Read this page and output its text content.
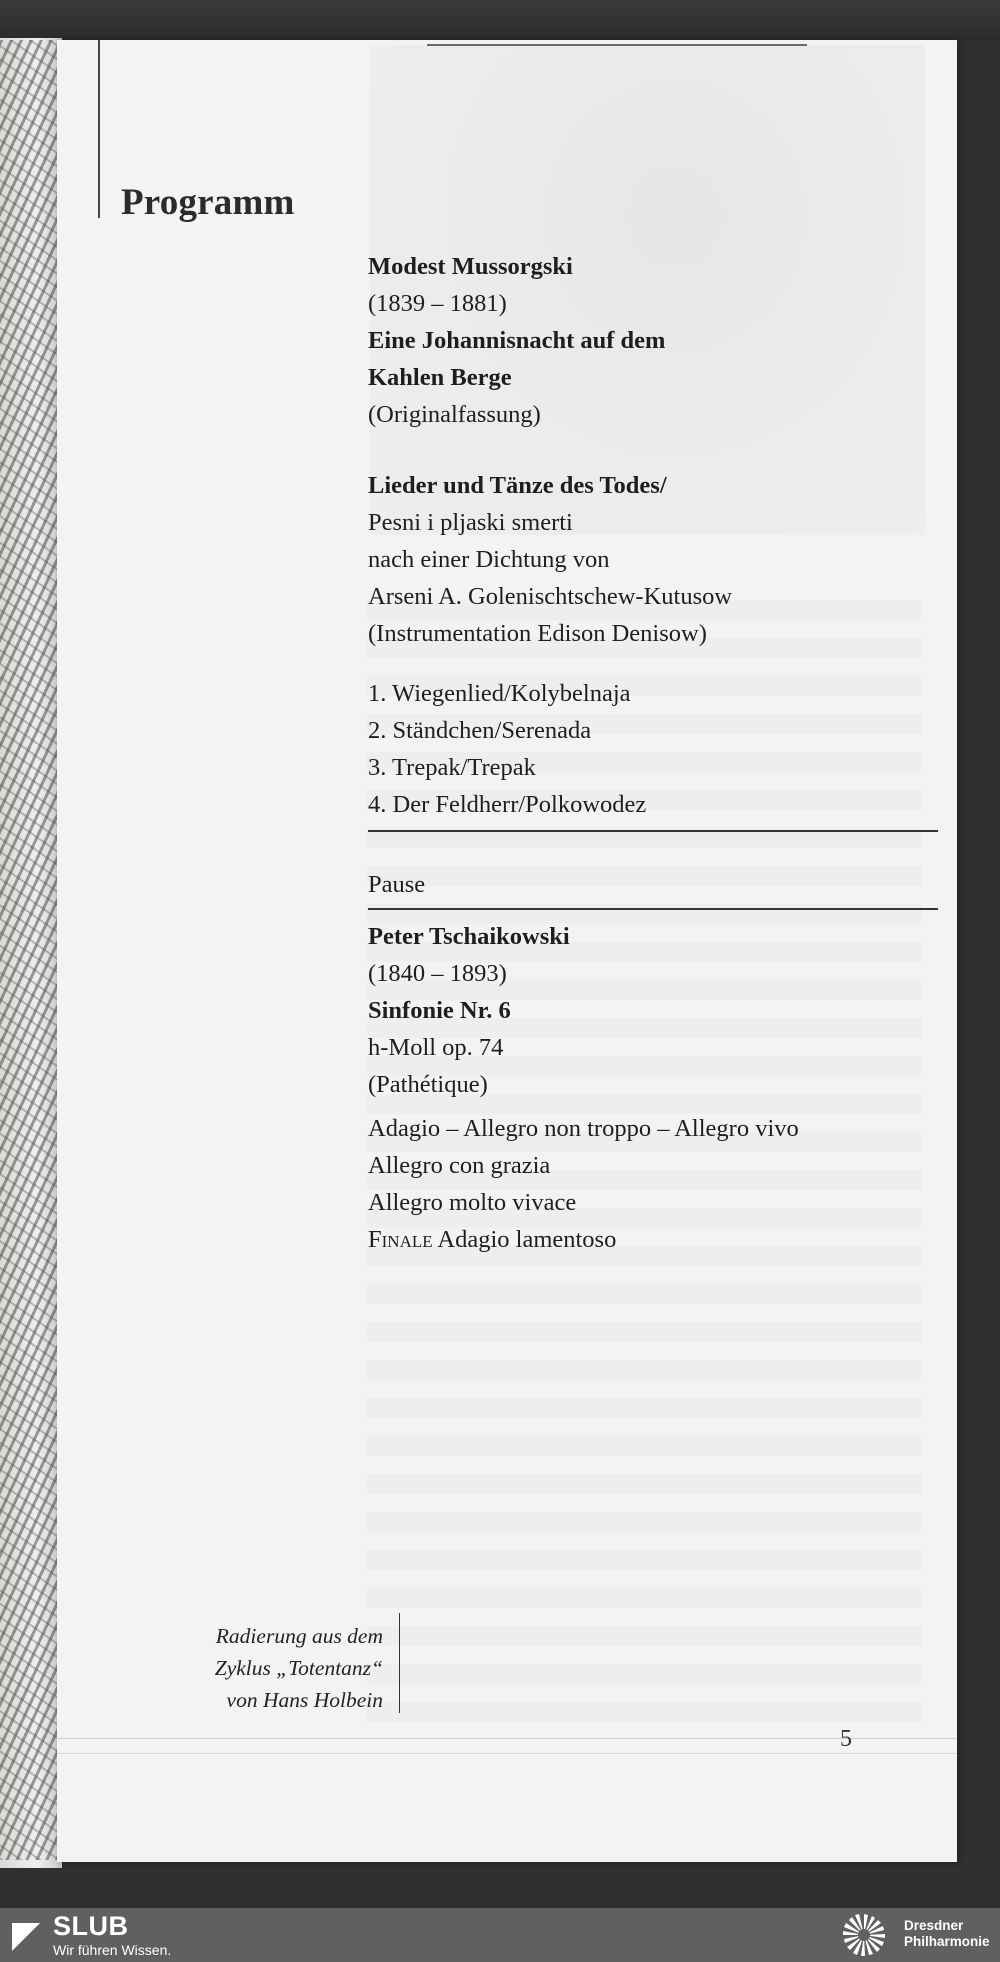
Programm
Modest Mussorgski
(1839 – 1881)
Eine Johannisnacht auf dem
Kahlen Berge
(Originalfassung)
Lieder und Tänze des Todes/
Pesni i pljaski smerti
nach einer Dichtung von
Arseni A. Golenischtschew-Kutusow
(Instrumentation Edison Denisow)
1. Wiegenlied/Kolybelnaja
2. Ständchen/Serenada
3. Trepak/Trepak
4. Der Feldherr/Polkowodez
Pause
Peter Tschaikowski
(1840 – 1893)
Sinfonie Nr. 6
h-Moll op. 74
(Pathétique)
Adagio – Allegro non troppo – Allegro vivo
Allegro con grazia
Allegro molto vivace
Finale Adagio lamentoso
Radierung aus dem
Zyklus „Totentanz“
von Hans Holbein
5
SLUB
Wir führen Wissen.
Dresdner
Philharmonie
